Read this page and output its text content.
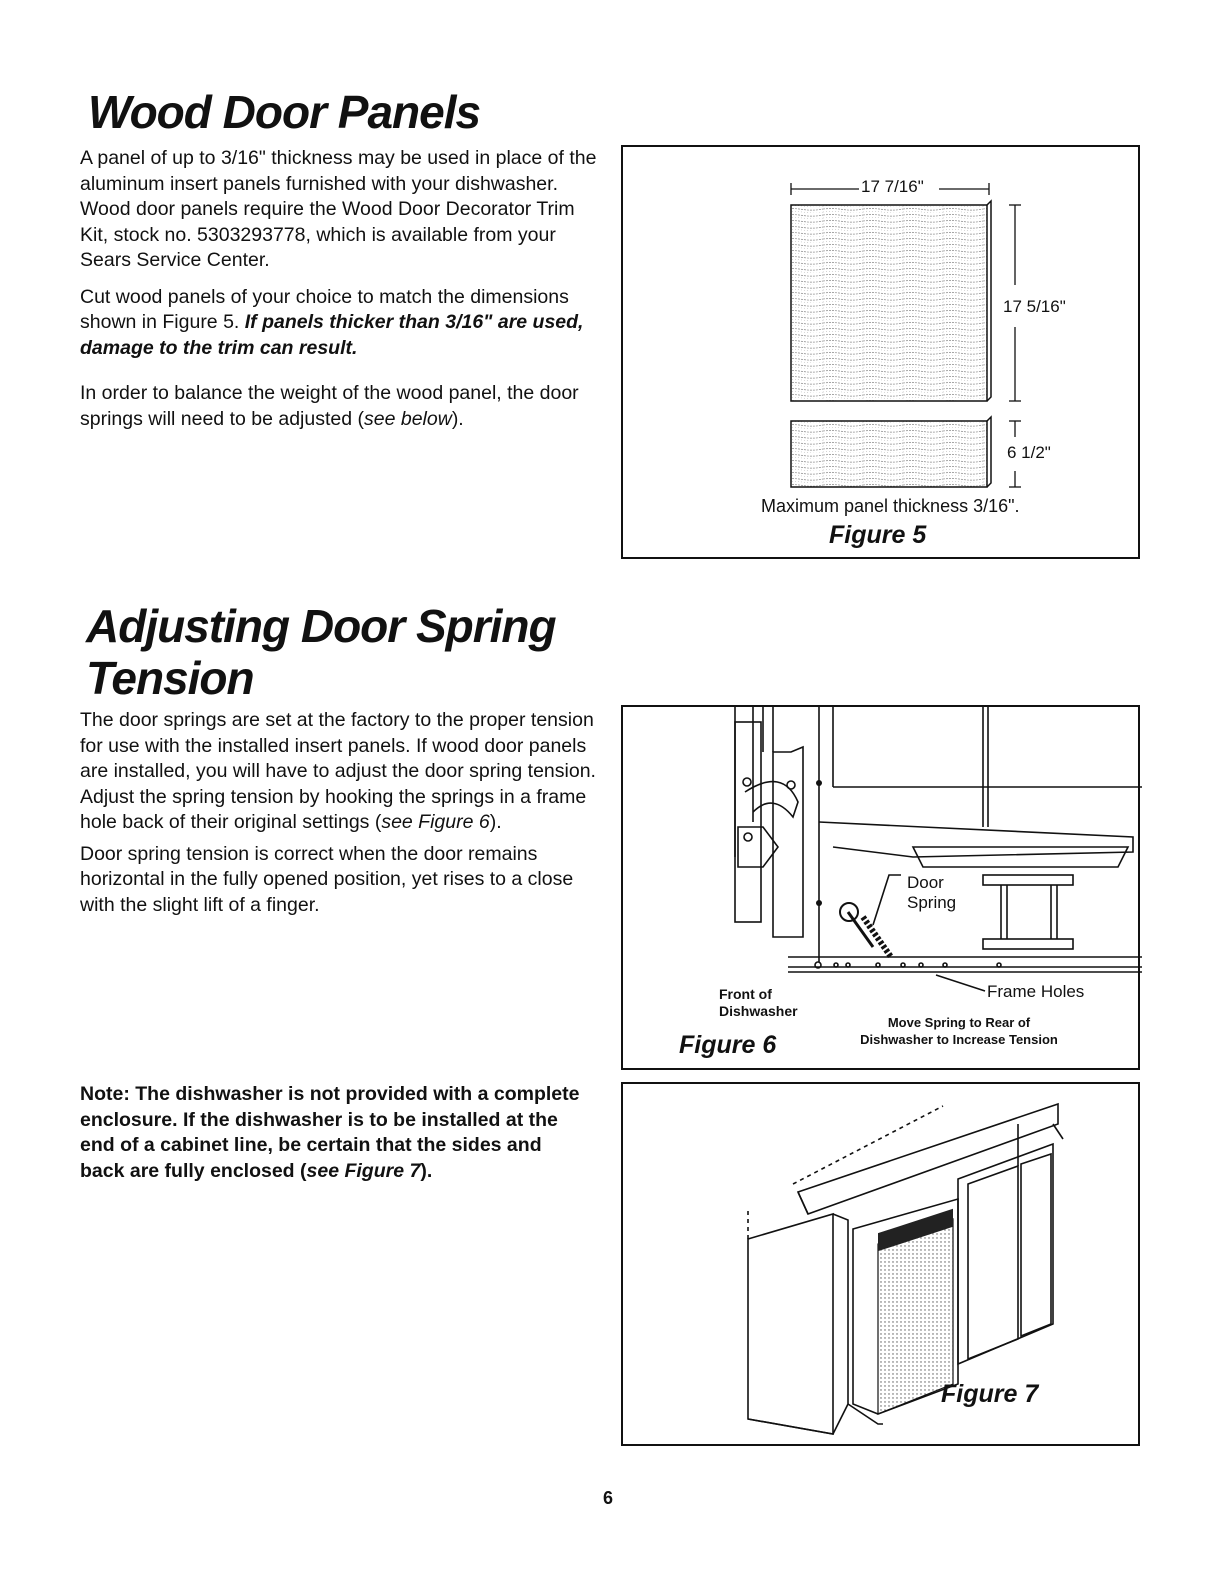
Wood Door Panels

A panel of up to 3/16" thickness may be used in place of the aluminum insert panels furnished with your dishwasher. Wood door panels require the Wood Door Decorator Trim Kit, stock no. 5303293778, which is available from your Sears Service Center.

Cut wood panels of your choice to match the dimensions shown in Figure 5. If panels thicker than 3/16" are used, damage to the trim can result.

In order to balance the weight of the wood panel, the door springs will need to be adjusted (see below).

17 7/16"
17 5/16"
6 1/2"
Maximum panel thickness 3/16".
Figure 5
Adjusting Door Spring
Tension

The door springs are set at the factory to the proper tension for use with the installed insert panels. If wood door panels are installed, you will have to adjust the door spring tension. Adjust the spring tension by hooking the springs in a frame hole back of their original settings (see Figure 6).

Door spring tension is correct when the door remains horizontal in the fully opened position, yet rises to a close with the slight lift of a finger.

Door
Spring
Frame Holes
Front of
Dishwasher
Move Spring to Rear of
Dishwasher to Increase Tension
Figure 6
Note: The dishwasher is not provided with a complete enclosure. If the dishwasher is to be installed at the end of a cabinet line, be certain that the sides and back are fully enclosed (see Figure 7).
Figure 7
6
